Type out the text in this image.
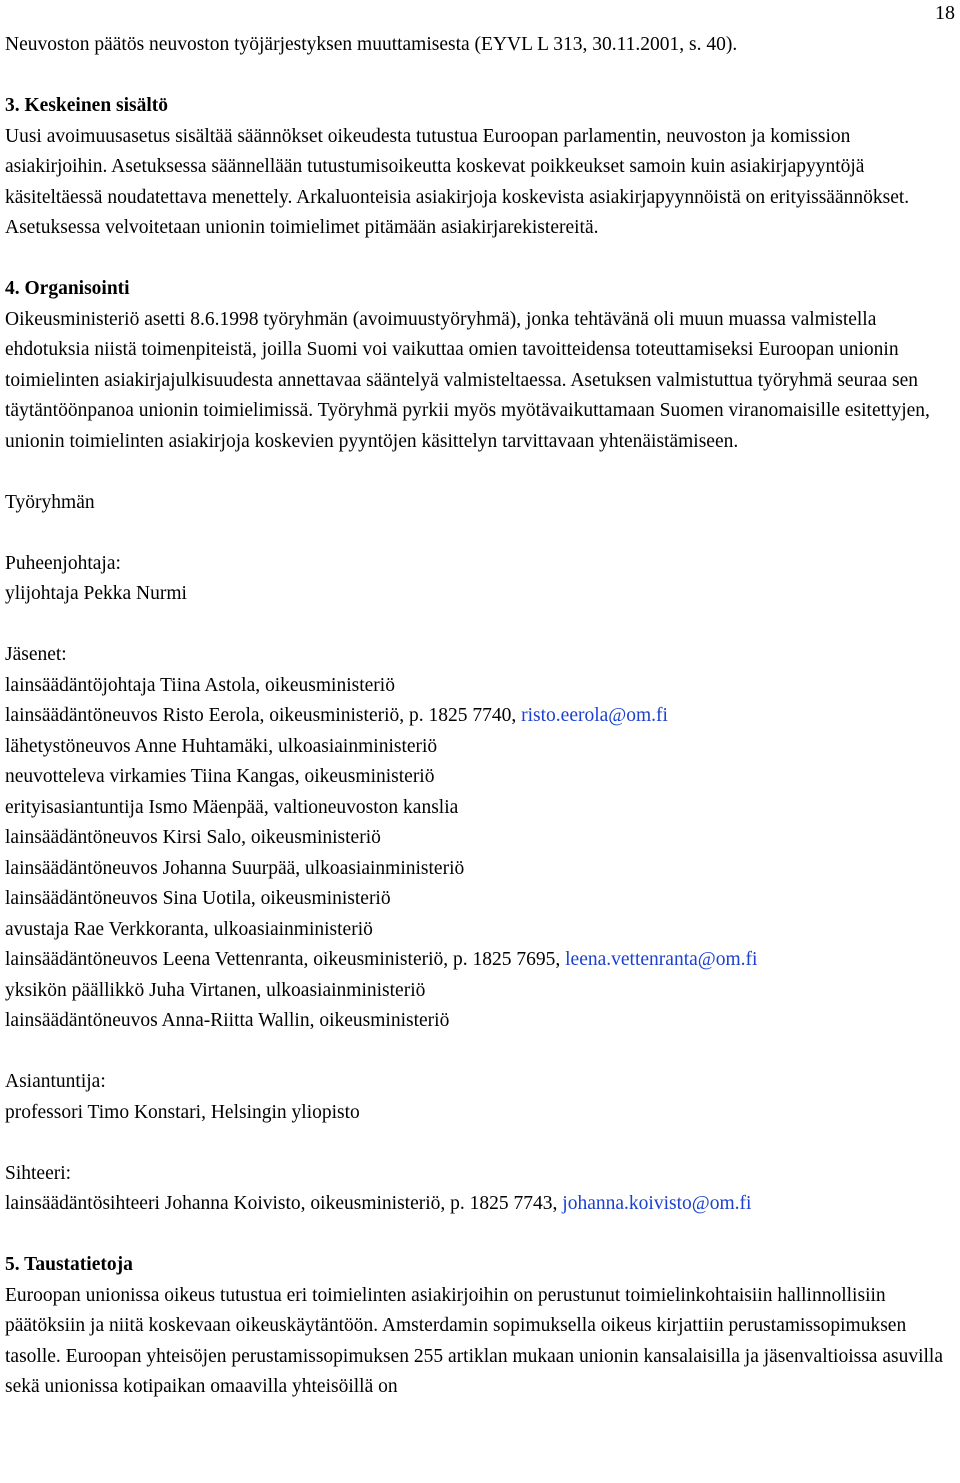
18

Neuvoston päätös neuvoston työjärjestyksen muuttamisesta (EYVL L 313, 30.11.2001, s. 40).

3. Keskeinen sisältö

Uusi avoimuusasetus sisältää säännökset oikeudesta tutustua Euroopan parlamentin, neuvoston ja komission asiakirjoihin. Asetuksessa säännellään tutustumisoikeutta koskevat poikkeukset samoin kuin asiakirjapyyntöjä käsiteltäessä noudatettava menettely. Arkaluonteisia asiakirjoja koskevista asiakirjapyynnöistä on erityissäännökset. Asetuksessa velvoitetaan unionin toimielimet pitämään asiakirjarekistereitä.

4. Organisointi

Oikeusministeriö asetti 8.6.1998 työryhmän (avoimuustyöryhmä), jonka tehtävänä oli muun muassa valmistella ehdotuksia niistä toimenpiteistä, joilla Suomi voi vaikuttaa omien tavoitteidensa toteuttamiseksi Euroopan unionin toimielinten asiakirjajulkisuudesta annettavaa sääntelyä valmisteltaessa. Asetuksen valmistuttua työryhmä seuraa sen täytäntöönpanoa unionin toimielimissä. Työryhmä pyrkii myös myötävaikuttamaan Suomen viranomaisille esitettyjen, unionin toimielinten asiakirjoja koskevien pyyntöjen käsittelyn tarvittavaan yhtenäistämiseen.

Työryhmän

Puheenjohtaja:

ylijohtaja Pekka Nurmi

Jäsenet:

lainsäädäntöjohtaja Tiina Astola, oikeusministeriö

lainsäädäntöneuvos Risto Eerola, oikeusministeriö, p. 1825 7740, risto.eerola@om.fi

lähetystöneuvos Anne Huhtamäki, ulkoasiainministeriö

neuvotteleva virkamies Tiina Kangas, oikeusministeriö

erityisasiantuntija Ismo Mäenpää, valtioneuvoston kanslia

lainsäädäntöneuvos Kirsi Salo, oikeusministeriö

lainsäädäntöneuvos Johanna Suurpää, ulkoasiainministeriö

lainsäädäntöneuvos Sina Uotila, oikeusministeriö

avustaja Rae Verkkoranta, ulkoasiainministeriö

lainsäädäntöneuvos Leena Vettenranta, oikeusministeriö, p. 1825 7695, leena.vettenranta@om.fi

yksikön päällikkö Juha Virtanen, ulkoasiainministeriö

lainsäädäntöneuvos Anna-Riitta Wallin, oikeusministeriö

Asiantuntija:

professori Timo Konstari, Helsingin yliopisto

Sihteeri:

lainsäädäntösihteeri Johanna Koivisto, oikeusministeriö, p. 1825 7743, johanna.koivisto@om.fi

5. Taustatietoja

Euroopan unionissa oikeus tutustua eri toimielinten asiakirjoihin on perustunut toimielinkohtaisiin hallinnollisiin päätöksiin ja niitä koskevaan oikeuskäytäntöön. Amsterdamin sopimuksella oikeus kirjattiin perustamissopimuksen tasolle. Euroopan yhteisöjen perustamissopimuksen 255 artiklan mukaan unionin kansalaisilla ja jäsenvaltioissa asuvilla sekä unionissa kotipaikan omaavilla yhteisöillä on
